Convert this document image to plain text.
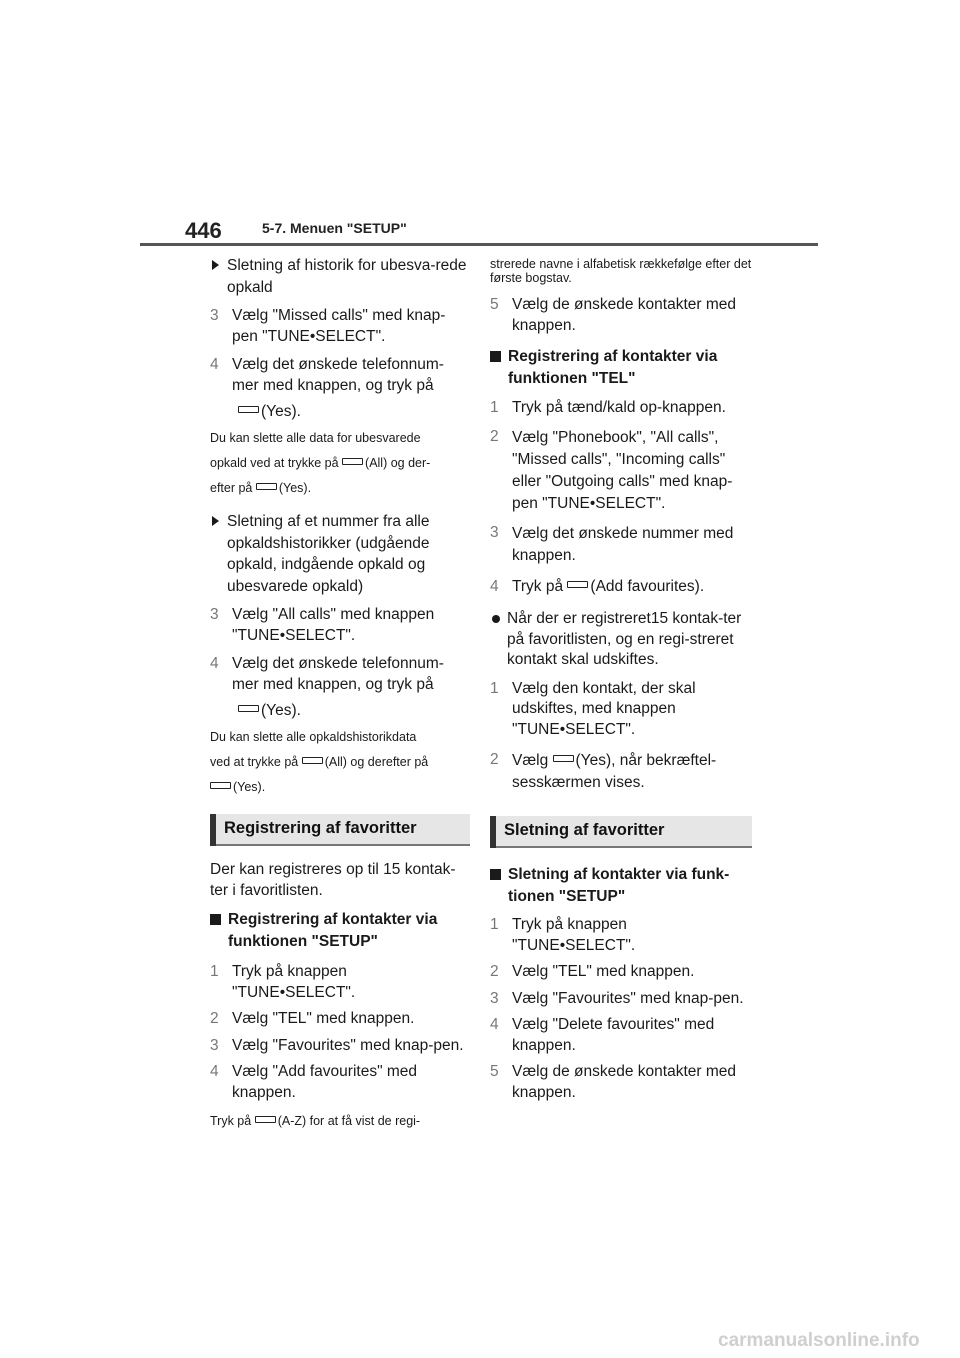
446	5-7. Menuen "SETUP"
Sletning af historik for ubesva-rede opkald
3 Vælg "Missed calls" med knap-pen "TUNE•SELECT".
4 Vælg det ønskede telefonnum-mer med knappen, og tryk på
(Yes).

Du kan slette alle data for ubesvarede
opkald ved at trykke på (All) og der-
efter på (Yes).

Sletning af et nummer fra alle opkaldshistorikker (udgående opkald, indgående opkald og ubesvarede opkald)
3 Vælg "All calls" med knappen "TUNE•SELECT".
4 Vælg det ønskede telefonnum-mer med knappen, og tryk på
(Yes).

Du kan slette alle opkaldshistorikdata
ved at trykke på (All) og derefter på
(Yes).

Registrering af favoritter

Der kan registreres op til 15 kontak-ter i favoritlisten.

Registrering af kontakter via funktionen "SETUP"
1 Tryk på knappen "TUNE•SELECT".
2 Vælg "TEL" med knappen.
3 Vælg "Favourites" med knap-pen.
4 Vælg "Add favourites" med knappen.

Tryk på (A-Z) for at få vist de regi-

strerede navne i alfabetisk rækkefølge efter det første bogstav.

5 Vælg de ønskede kontakter med knappen.
Registrering af kontakter via funktionen "TEL"
1 Tryk på tænd/kald op-knappen.
2 Vælg "Phonebook", "All calls", "Missed calls", "Incoming calls" eller "Outgoing calls" med knap-pen "TUNE•SELECT".
3 Vælg det ønskede nummer med knappen.
4 Tryk på (Add favourites).
Når der er registreret15 kontak-ter på favoritlisten, og en regi-streret kontakt skal udskiftes.
1 Vælg den kontakt, der skal udskiftes, med knappen "TUNE•SELECT".
2 Vælg (Yes), når bekræftel-sesskærmen vises.
Sletning af favoritter
Sletning af kontakter via funk-tionen "SETUP"
1 Tryk på knappen "TUNE•SELECT".
2 Vælg "TEL" med knappen.
3 Vælg "Favourites" med knap-pen.
4 Vælg "Delete favourites" med knappen.
5 Vælg de ønskede kontakter med knappen.
carmanualsonline.info
